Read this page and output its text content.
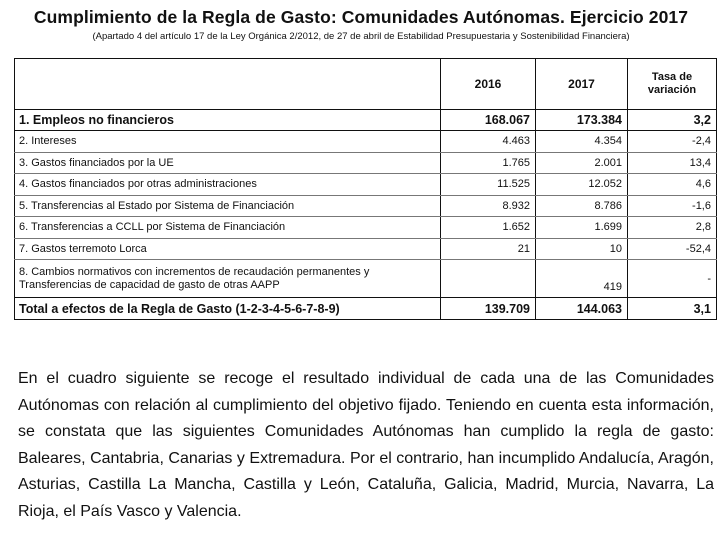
Cumplimiento de la Regla de Gasto: Comunidades Autónomas. Ejercicio 2017
(Apartado 4 del artículo 17 de la Ley Orgánica 2/2012, de 27 de abril de Estabilidad Presupuestaria y Sostenibilidad Financiera)
	2016	2017	Tasa de variación
1. Empleos no financieros	168.067	173.384	3,2
2. Intereses	4.463	4.354	-2,4
3. Gastos financiados por la UE	1.765	2.001	13,4
4. Gastos financiados por otras administraciones	11.525	12.052	4,6
5. Transferencias al Estado por Sistema de Financiación	8.932	8.786	-1,6
6. Transferencias a CCLL por Sistema de Financiación	1.652	1.699	2,8
7. Gastos terremoto Lorca	21	10	-52,4
8. Cambios normativos con incrementos de recaudación permanentes y Transferencias de capacidad de gasto de otras AAPP		419	-
Total a efectos de la Regla de Gasto (1-2-3-4-5-6-7-8-9)	139.709	144.063	3,1

En el cuadro siguiente se recoge el resultado individual de cada una de las Comunidades Autónomas con relación al cumplimiento del objetivo fijado. Teniendo en cuenta esta información, se constata que las siguientes Comunidades Autónomas han cumplido la regla de gasto: Baleares, Cantabria, Canarias y Extremadura. Por el contrario, han incumplido Andalucía, Aragón, Asturias, Castilla La Mancha, Castilla y León, Cataluña, Galicia, Madrid, Murcia, Navarra, La Rioja, el País Vasco y Valencia.
